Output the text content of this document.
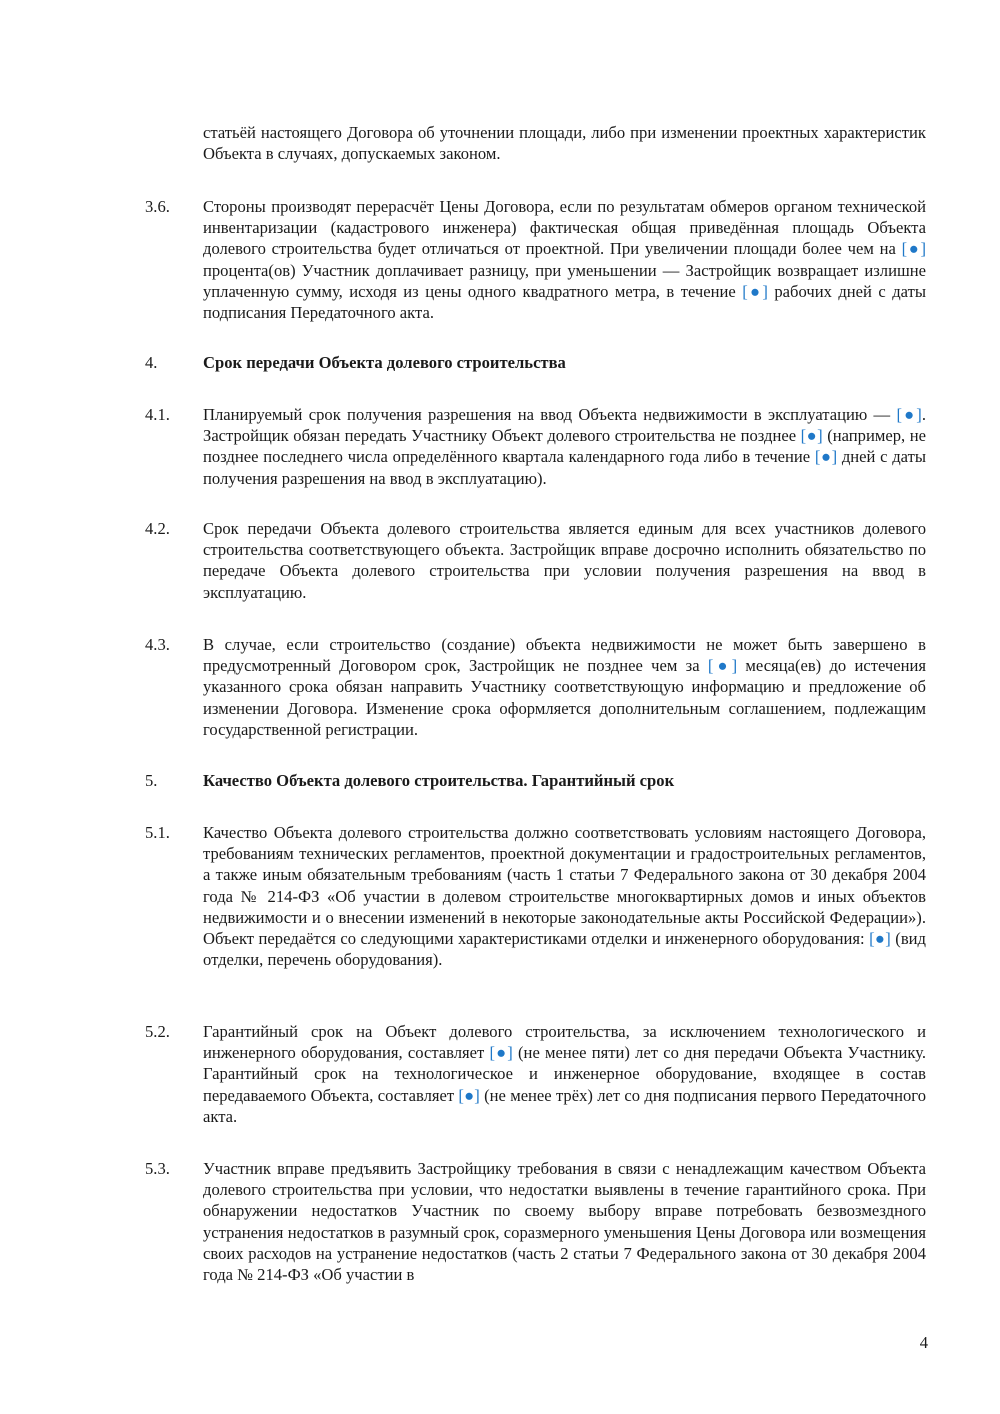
статьёй настоящего Договора об уточнении площади, либо при изменении проектных характеристик Объекта в случаях, допускаемых законом.
3.6.	Стороны производят перерасчёт Цены Договора, если по результатам обмеров органом технической инвентаризации (кадастрового инженера) фактическая общая приведённая площадь Объекта долевого строительства будет отличаться от проектной. При увеличении площади более чем на [●] процента(ов) Участник доплачивает разницу, при уменьшении — Застройщик возвращает излишне уплаченную сумму, исходя из цены одного квадратного метра, в течение [●] рабочих дней с даты подписания Передаточного акта.
4.	Срок передачи Объекта долевого строительства
4.1.	Планируемый срок получения разрешения на ввод Объекта недвижимости в эксплуатацию — [●]. Застройщик обязан передать Участнику Объект долевого строительства не позднее [●] (например, не позднее последнего числа определённого квартала календарного года либо в течение [●] дней с даты получения разрешения на ввод в эксплуатацию).
4.2.	Срок передачи Объекта долевого строительства является единым для всех участников долевого строительства соответствующего объекта. Застройщик вправе досрочно исполнить обязательство по передаче Объекта долевого строительства при условии получения разрешения на ввод в эксплуатацию.
4.3.	В случае, если строительство (создание) объекта недвижимости не может быть завершено в предусмотренный Договором срок, Застройщик не позднее чем за [●] месяца(ев) до истечения указанного срока обязан направить Участнику соответствующую информацию и предложение об изменении Договора. Изменение срока оформляется дополнительным соглашением, подлежащим государственной регистрации.
5.	Качество Объекта долевого строительства. Гарантийный срок
5.1.	Качество Объекта долевого строительства должно соответствовать условиям настоящего Договора, требованиям технических регламентов, проектной документации и градостроительных регламентов, а также иным обязательным требованиям (часть 1 статьи 7 Федерального закона от 30 декабря 2004 года № 214-ФЗ «Об участии в долевом строительстве многоквартирных домов и иных объектов недвижимости и о внесении изменений в некоторые законодательные акты Российской Федерации»). Объект передаётся со следующими характеристиками отделки и инженерного оборудования: [●] (вид отделки, перечень оборудования).
5.2.	Гарантийный срок на Объект долевого строительства, за исключением технологического и инженерного оборудования, составляет [●] (не менее пяти) лет со дня передачи Объекта Участнику. Гарантийный срок на технологическое и инженерное оборудование, входящее в состав передаваемого Объекта, составляет [●] (не менее трёх) лет со дня подписания первого Передаточного акта.
5.3.	Участник вправе предъявить Застройщику требования в связи с ненадлежащим качеством Объекта долевого строительства при условии, что недостатки выявлены в течение гарантийного срока. При обнаружении недостатков Участник по своему выбору вправе потребовать безвозмездного устранения недостатков в разумный срок, соразмерного уменьшения Цены Договора или возмещения своих расходов на устранение недостатков (часть 2 статьи 7 Федерального закона от 30 декабря 2004 года № 214-ФЗ «Об участии в
4
